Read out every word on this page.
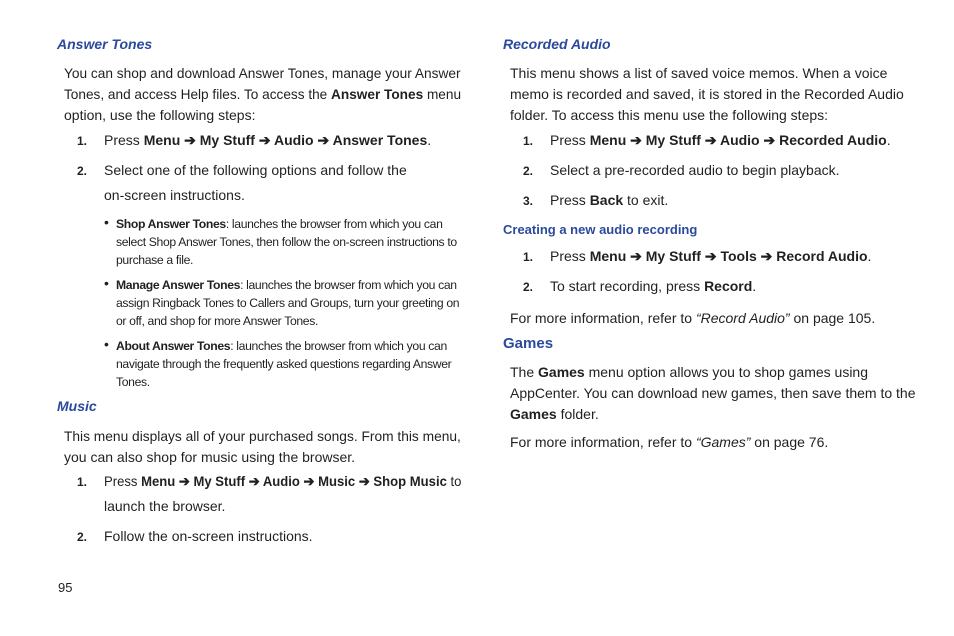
Answer Tones
You can shop and download Answer Tones, manage your Answer
Tones, and access Help files. To access the Answer Tones menu
option, use the following steps:
1. Press Menu ➔ My Stuff ➔ Audio ➔ Answer Tones.
2. Select one of the following options and follow the
on-screen instructions.
• Shop Answer Tones: launches the browser from which you can
select Shop Answer Tones, then follow the on-screen instructions to
purchase a file.
• Manage Answer Tones: launches the browser from which you can
assign Ringback Tones to Callers and Groups, turn your greeting on
or off, and shop for more Answer Tones.
• About Answer Tones: launches the browser from which you can
navigate through the frequently asked questions regarding Answer
Tones.
Music
This menu displays all of your purchased songs. From this menu,
you can also shop for music using the browser.
1. Press Menu ➔ My Stuff ➔ Audio ➔ Music ➔ Shop Music to
launch the browser.
2. Follow the on-screen instructions.
95
Recorded Audio
This menu shows a list of saved voice memos. When a voice
memo is recorded and saved, it is stored in the Recorded Audio
folder. To access this menu use the following steps:
1. Press Menu ➔ My Stuff ➔ Audio ➔ Recorded Audio.
2. Select a pre-recorded audio to begin playback.
3. Press Back to exit.
Creating a new audio recording
1. Press Menu ➔ My Stuff ➔ Tools ➔ Record Audio.
2. To start recording, press Record.
For more information, refer to “Record Audio” on page 105.
Games
The Games menu option allows you to shop games using
AppCenter. You can download new games, then save them to the
Games folder.
For more information, refer to “Games” on page 76.
